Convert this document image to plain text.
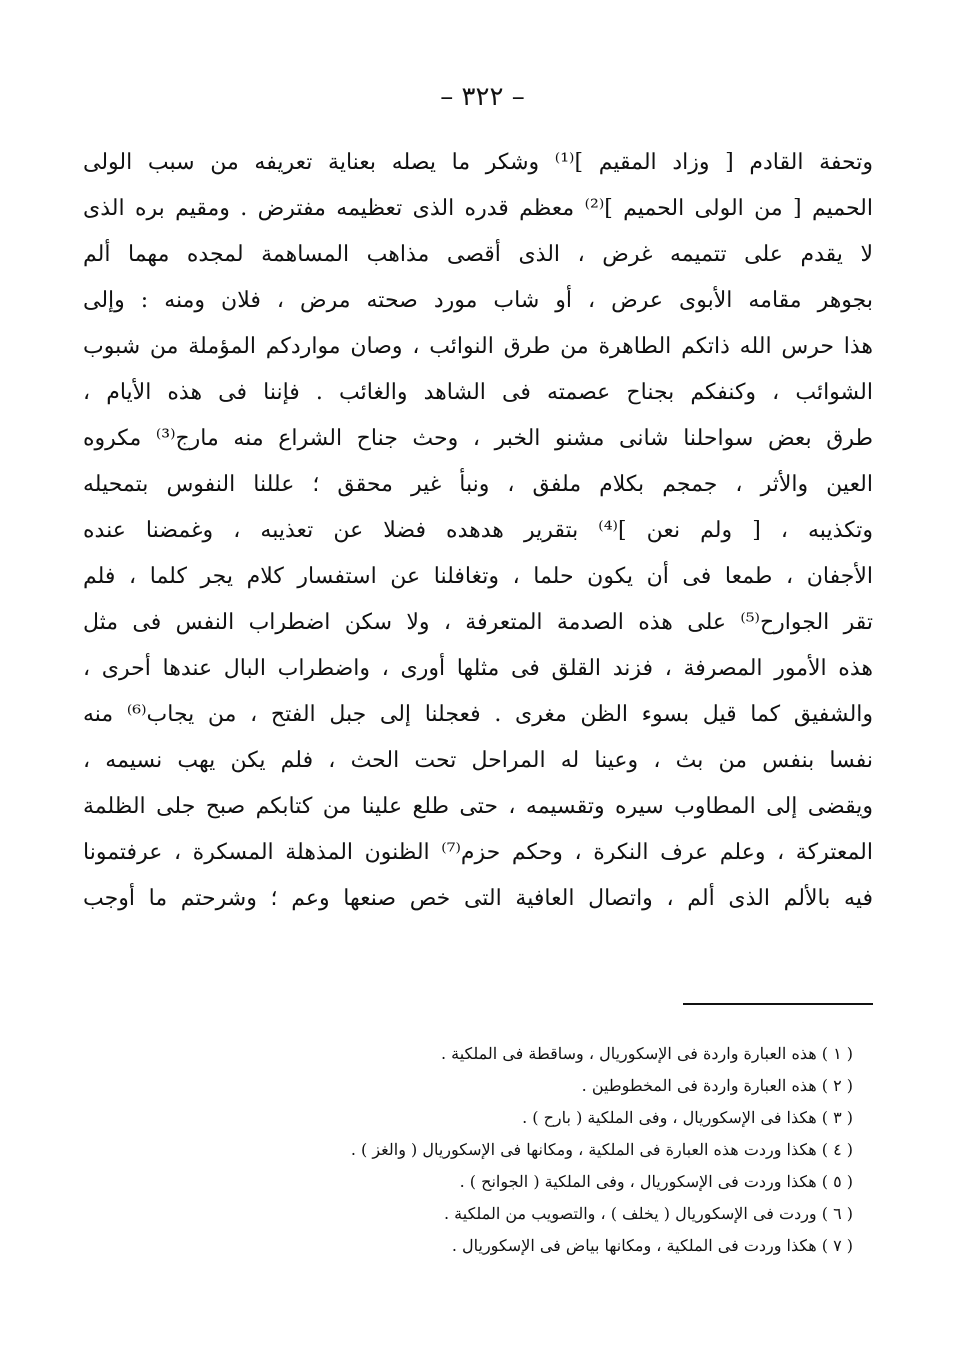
– ٣٢٢ –
وتحفة القادم [ وزاد المقيم ]⁽¹⁾ وشكر ما يصله بعناية تعريفه من سبب الولى
الحميم [ من الولى الحميم ]⁽²⁾ معظم قدره الذى تعظيمه مفترض . ومقيم بره الذى
لا يقدم على تتميمه غرض ، الذى أقصى مذاهب المساهمة لمجده مهما ألم
بجوهر مقامه الأبوى عرض ، أو شاب مورد صحته مرض ، فلان ومنه : وإلى
هذا حرس الله ذاتكم الطاهرة من طرق النوائب ، وصان مواردكم المؤملة من شبوب
الشوائب ، وكنفكم بجناح عصمته فى الشاهد والغائب . فإننا فى هذه الأيام ،
طرق بعض سواحلنا شانى مشنو الخبر ، وحث جناح الشراع منه مارج⁽³⁾ مكروه
العين والأثر ، جمجم بكلام ملفق ، ونبأ غير محقق ؛ عللنا النفوس بتمحيله
وتكذيبه ، [ ولم نعن ]⁽⁴⁾ بتقرير هدهده فضلا عن تعذيبه ، وغمضنا عنده
الأجفان ، طمعا فى أن يكون حلما ، وتغافلنا عن استفسار كلام يجر كلما ، فلم
تقر الجوارح⁽⁵⁾ على هذه الصدمة المتعرفة ، ولا سكن اضطراب النفس فى مثل
هذه الأمور المصرفة ، فزند القلق فى مثلها أورى ، واضطراب البال عندها أحرى ،
والشفيق كما قيل بسوء الظن مغرى . فعجلنا إلى جبل الفتح ، من يجاب⁽⁶⁾ منه
نفسا بنفس من بث ، وعينا له المراحل تحت الحث ، فلم يكن يهب نسيمه ،
ويقضى إلى المطاوب سيره وتقسيمه ، حتى طلع علينا من كتابكم صبح جلى الظلمة
المعتركة ، وعلم عرف النكرة ، وحكم حزم⁽⁷⁾ الظنون المذهلة المسكرة ، عرفتمونا
فيه بالألم الذى ألم ، واتصال العافية التى خص صنعها وعم ؛ وشرحتم ما أوجب
( ١ ) هذه العبارة واردة فى الإسكوريال ، وساقطة فى الملكية .
( ٢ ) هذه العبارة واردة فى المخطوطين .
( ٣ ) هكذا فى الإسكوريال ، وفى الملكية ( بارح ) .
( ٤ ) هكذا وردت هذه العبارة فى الملكية ، ومكانها فى الإسكوريال ( والغز ) .
( ٥ ) هكذا وردت فى الإسكوريال ، وفى الملكية ( الجوانح ) .
( ٦ ) وردت فى الإسكوريال ( يخلف ) ، والتصويب من الملكية .
( ٧ ) هكذا وردت فى الملكية ، ومكانها بياض فى الإسكوريال .
